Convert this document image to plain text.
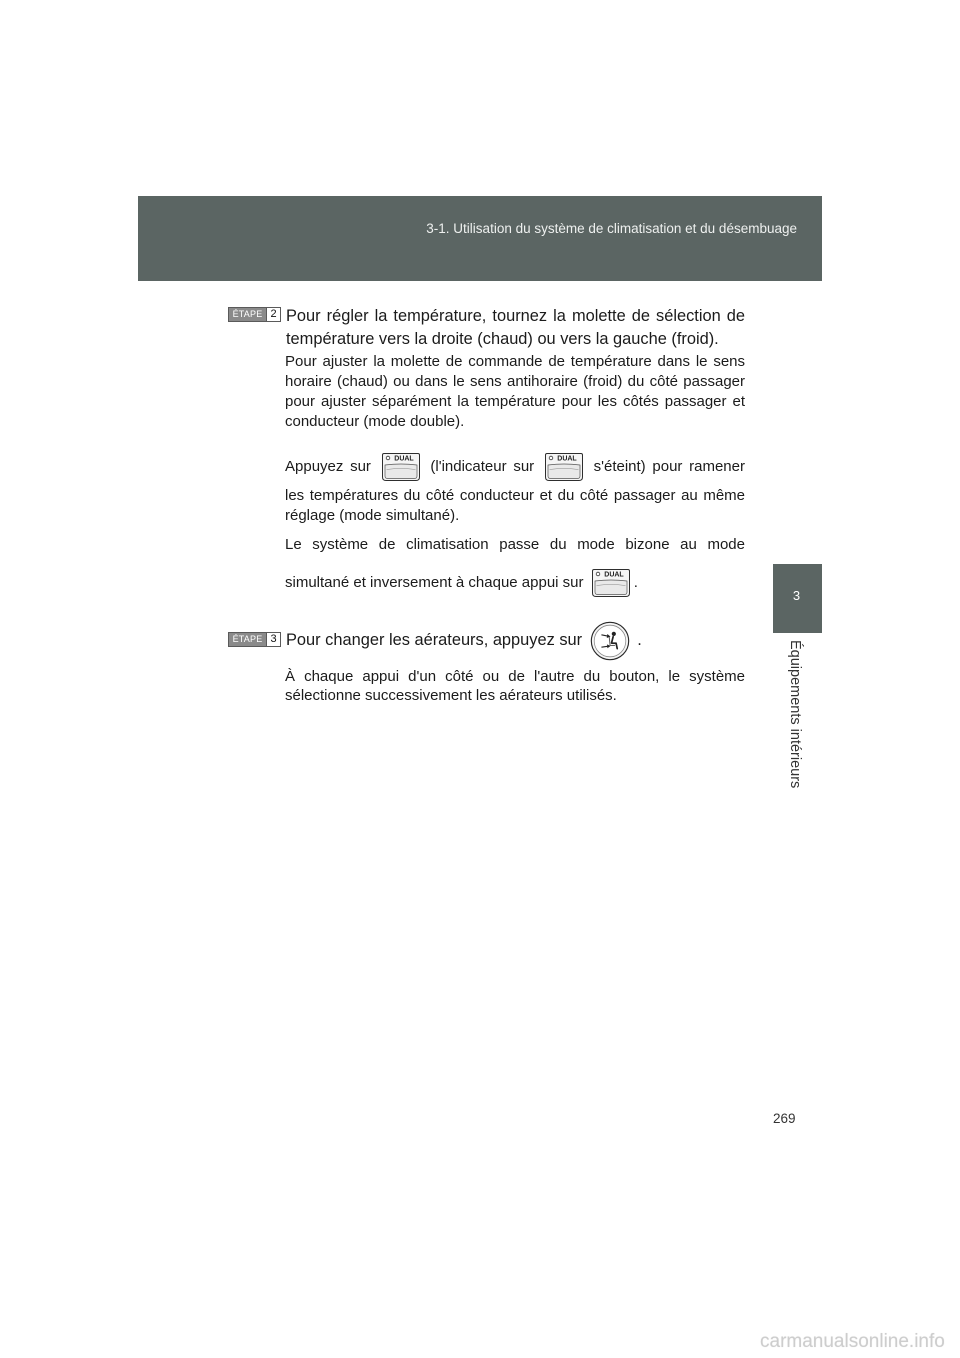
3-1. Utilisation du système de climatisation et du désembuage
3
Équipements intérieurs
ÉTAPE 2 Pour régler la température, tournez la molette de sélection de
température vers la droite (chaud) ou vers la gauche (froid).
Pour ajuster la molette de commande de température dans le sens
horaire (chaud) ou dans le sens antihoraire (froid) du côté passager
pour ajuster séparément la température pour les côtés passager et
conducteur (mode double).
Appuyez sur	DUAL (l'indicateur sur	DUAL s'éteint) pour ramener
les températures du côté conducteur et du côté passager au même
réglage (mode simultané).
Le système de climatisation passe du mode bizone au mode
simultané et inversement à chaque appui sur	DUAL .
ÉTAPE 3 Pour changer les aérateurs, appuyez sur	.
À chaque appui d'un côté ou de l'autre du bouton, le système
sélectionne successivement les aérateurs utilisés.
269
carmanualsonline.info
